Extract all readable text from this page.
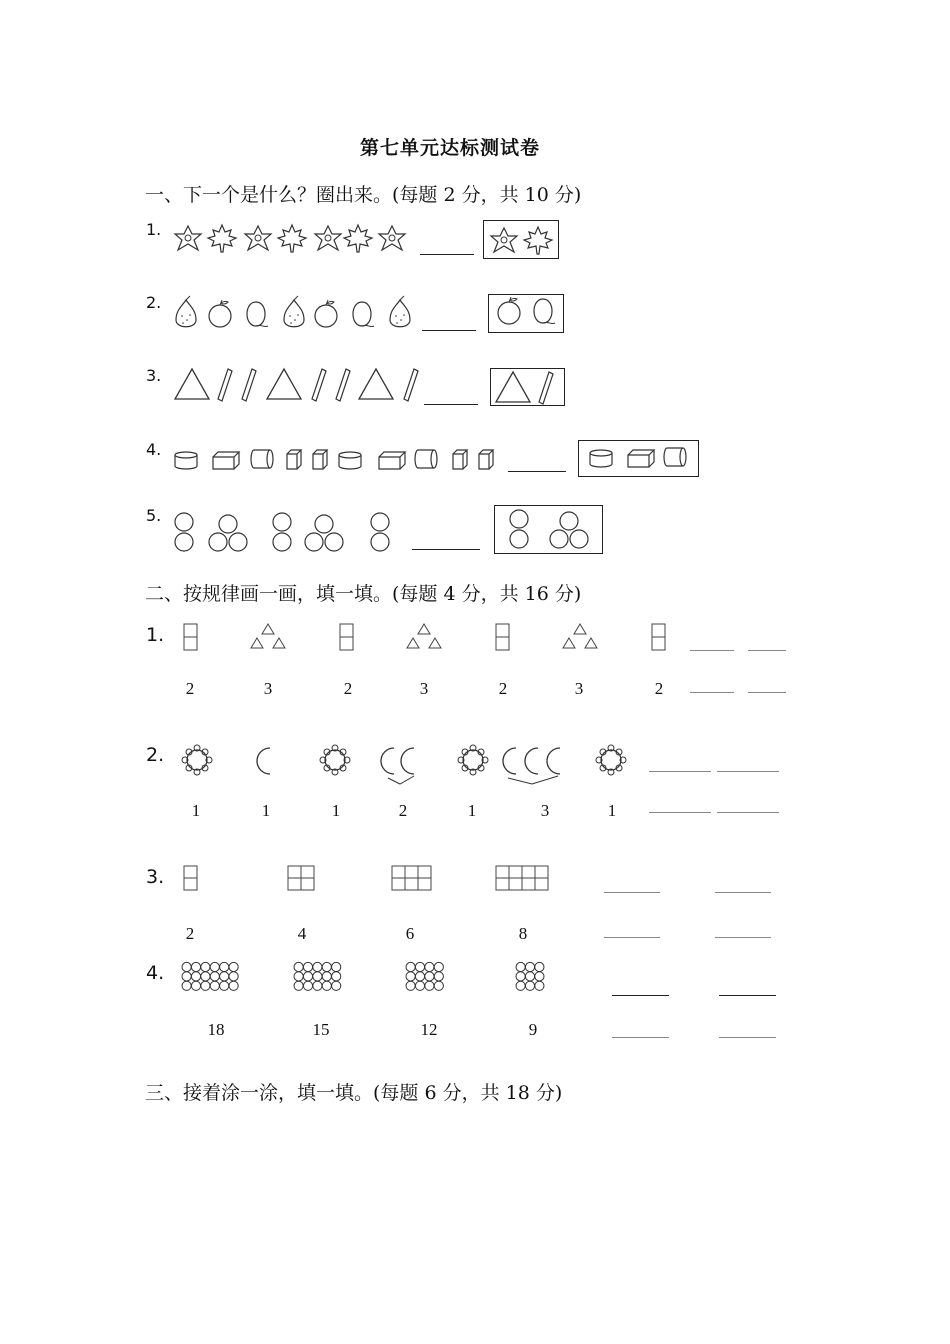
第七单元达标测试卷
一、下一个是什么？圈出来。(每题 2 分，共 10 分)
1.
2.
3.
4.
5.
二、按规律画一画，填一填。(每题 4 分，共 16 分)
1.
2	3	2	3	2	3	2
2.
1	1	1	2	1	3	1
3.
2	4	6	8
4.
18	15	12	9
三、接着涂一涂，填一填。(每题 6 分，共 18 分)
